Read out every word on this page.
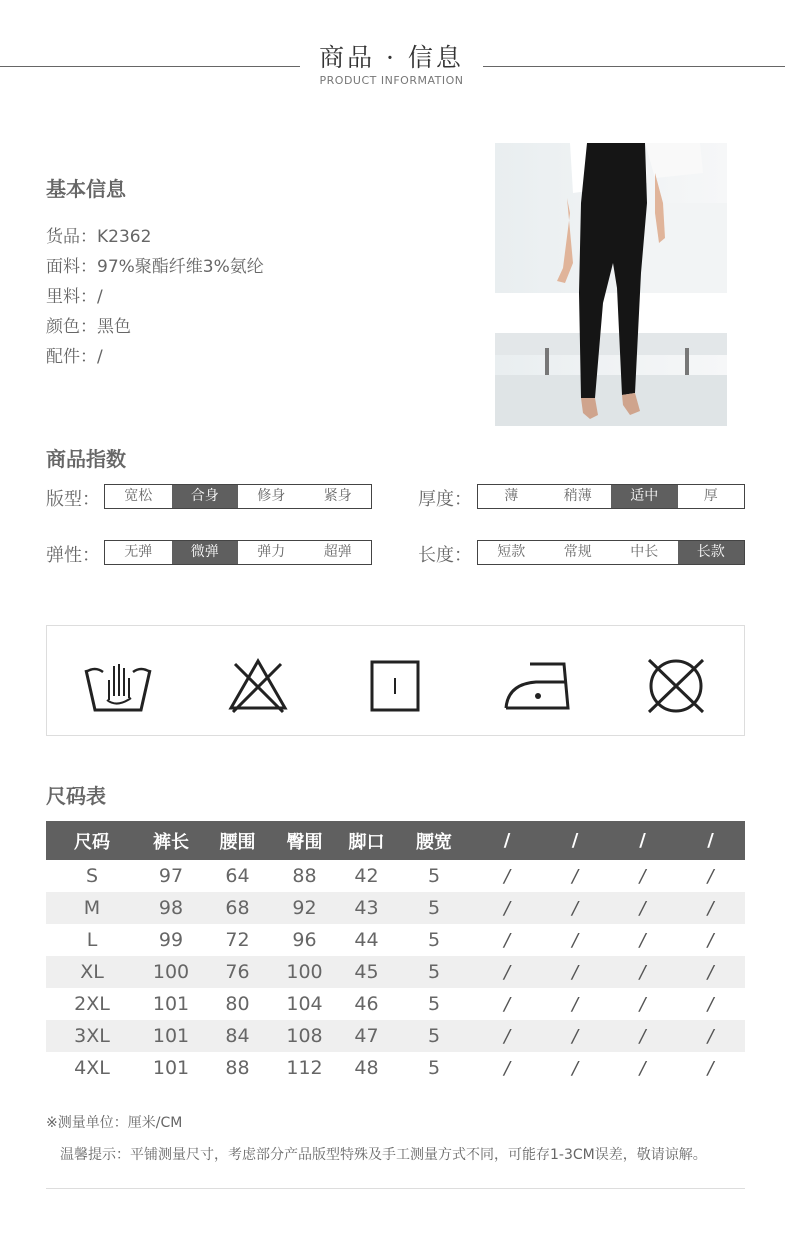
商品 · 信息
PRODUCT INFORMATION
基本信息
货品：K2362
面料：97%聚酯纤维3%氨纶
里料：/
颜色：黑色
配件：/
商品指数
版型：	宽松	合身	修身	紧身	厚度：	薄	稍薄	适中	厚
弹性：	无弹	微弹	弹力	超弹	长度：	短款	常规	中长	长款
尺码表
尺码	裤长	腰围	臀围	脚口	腰宽	/	/	/	/
S	97	64	88	42	5	/	/	/	/
M	98	68	92	43	5	/	/	/	/
L	99	72	96	44	5	/	/	/	/
XL	100	76	100	45	5	/	/	/	/
2XL	101	80	104	46	5	/	/	/	/
3XL	101	84	108	47	5	/	/	/	/
4XL	101	88	112	48	5	/	/	/	/
※测量单位：厘米/CM
温馨提示：平铺测量尺寸，考虑部分产品版型特殊及手工测量方式不同，可能存1-3CM误差，敬请谅解。
